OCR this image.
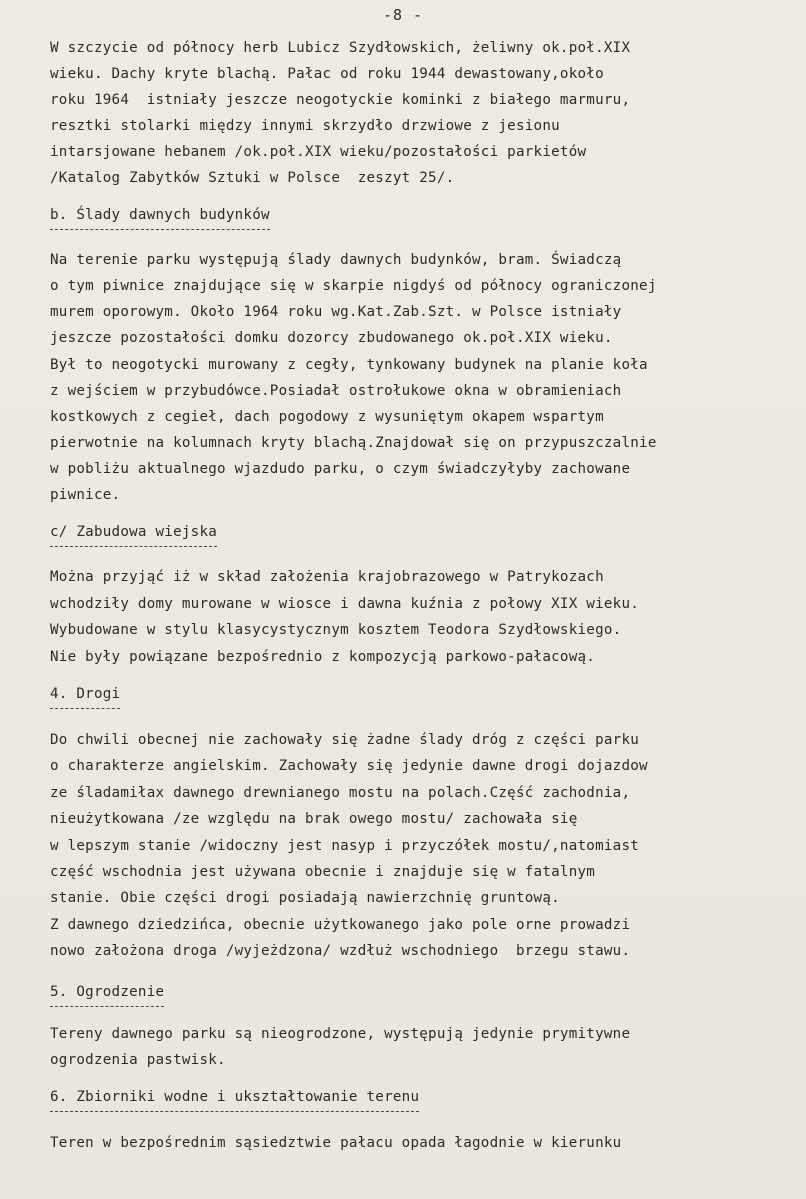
-8 -
W szczycie od północy herb Lubicz Szydłowskich, żeliwny ok.poł.XIX
wieku. Dachy kryte blachą. Pałac od roku 1944 dewastowany,około
roku 1964  istniały jeszcze neogotyckie kominki z białego marmuru,
resztki stolarki między innymi skrzydło drzwiowe z jesionu
intarsjowane hebanem /ok.poł.XIX wieku/pozostałości parkietów
/Katalog Zabytków Sztuki w Polsce  zeszyt 25/.
b. Ślady dawnych budynków
Na terenie parku występują ślady dawnych budynków, bram. Świadczą
o tym piwnice znajdujące się w skarpie nigdyś od północy ograniczonej
murem oporowym. Około 1964 roku wg.Kat.Zab.Szt. w Polsce istniały
jeszcze pozostałości domku dozorcy zbudowanego ok.poł.XIX wieku.
Był to neogotycki murowany z cegły, tynkowany budynek na planie koła
z wejściem w przybudówce.Posiadał ostrołukowe okna w obramieniach
kostkowych z cegieł, dach pogodowy z wysuniętym okapem wspartym
pierwotnie na kolumnach kryty blachą.Znajdował się on przypuszczalnie
w pobliżu aktualnego wjazdudo parku, o czym świadczyłyby zachowane
piwnice.
c/ Zabudowa wiejska
Można przyjąć iż w skład założenia krajobrazowego w Patrykozach
wchodziły domy murowane w wiosce i dawna kuźnia z połowy XIX wieku.
Wybudowane w stylu klasycystycznym kosztem Teodora Szydłowskiego.
Nie były powiązane bezpośrednio z kompozycją parkowo-pałacową.
4. Drogi
Do chwili obecnej nie zachowały się żadne ślady dróg z części parku
o charakterze angielskim. Zachowały się jedynie dawne drogi dojazdow
ze śladamiłax dawnego drewnianego mostu na polach.Część zachodnia,
nieużytkowana /ze względu na brak owego mostu/ zachowała się
w lepszym stanie /widoczny jest nasyp i przyczółek mostu/,natomiast
część wschodnia jest używana obecnie i znajduje się w fatalnym
stanie. Obie części drogi posiadają nawierzchnię gruntową.
Z dawnego dziedzińca, obecnie użytkowanego jako pole orne prowadzi
nowo założona droga /wyjeżdzona/ wzdłuż wschodniego  brzegu stawu.
5. Ogrodzenie
Tereny dawnego parku są nieogrodzone, występują jedynie prymitywne
ogrodzenia pastwisk.
6. Zbiorniki wodne i ukształtowanie terenu
Teren w bezpośrednim sąsiedztwie pałacu opada łagodnie w kierunku
